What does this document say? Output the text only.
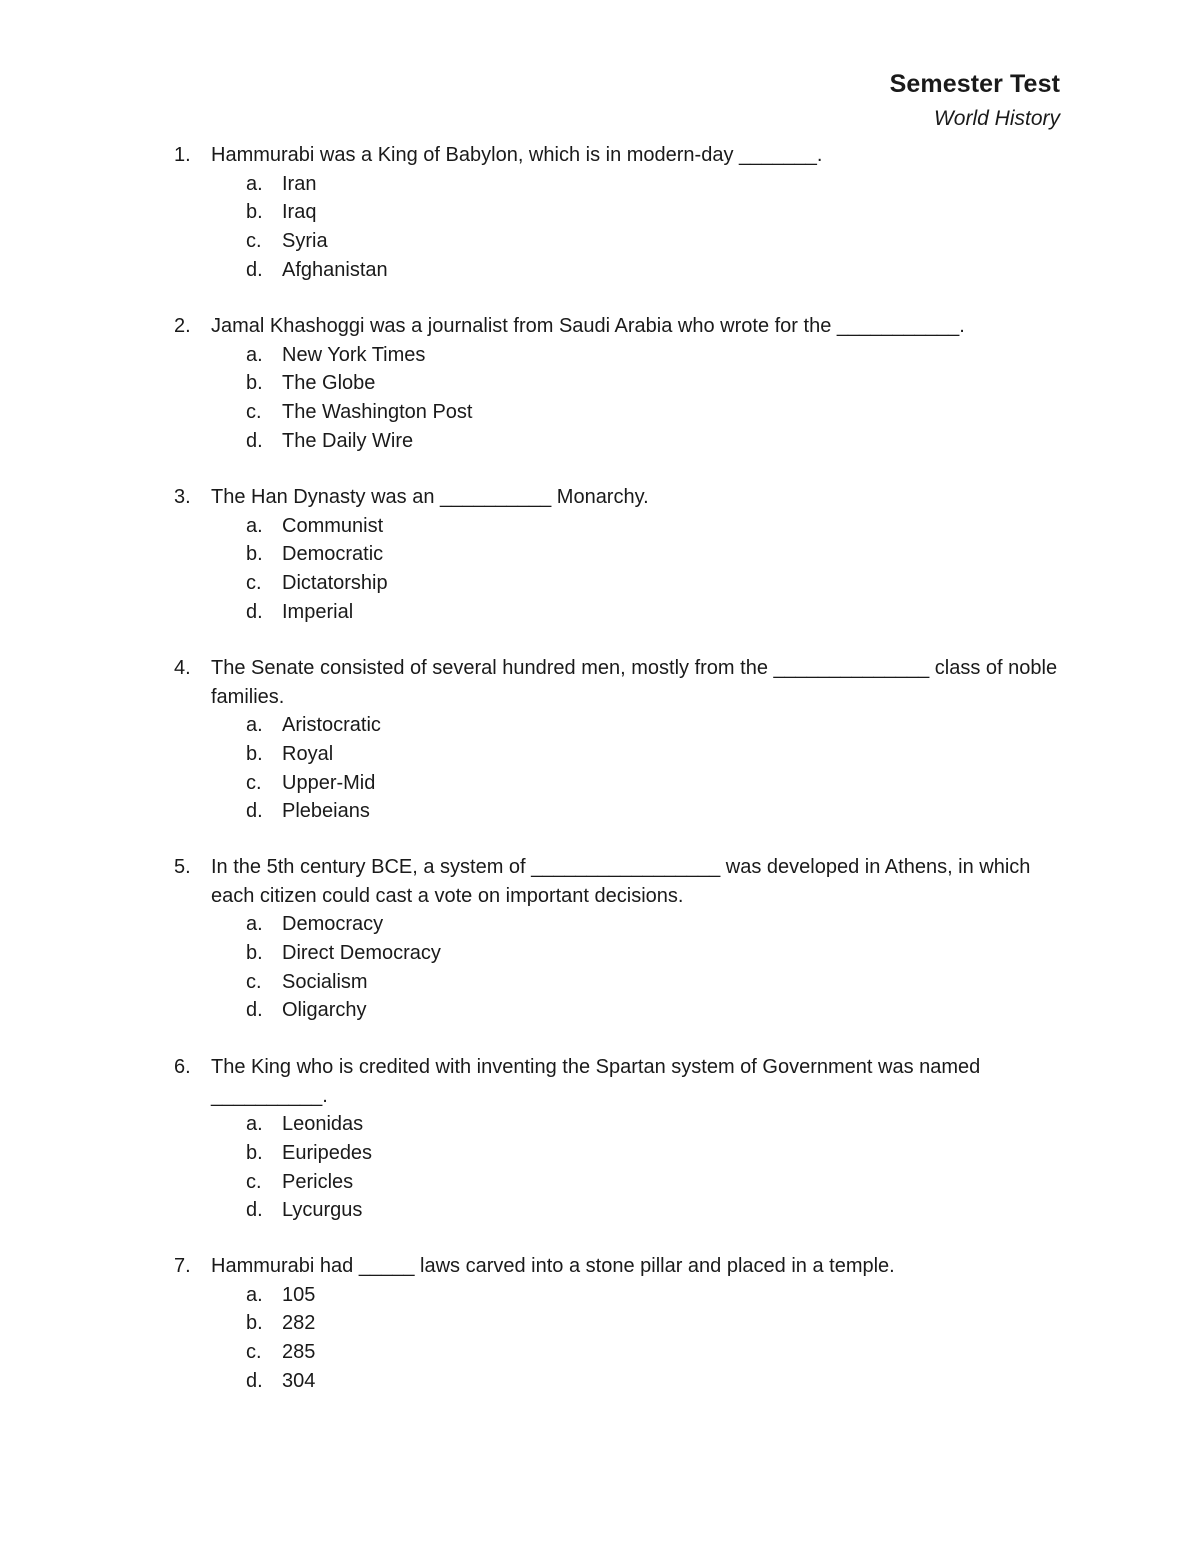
Semester Test
World History
1. Hammurabi was a King of Babylon, which is in modern-day _______.
a. Iran
b. Iraq
c. Syria
d. Afghanistan
2. Jamal Khashoggi was a journalist from Saudi Arabia who wrote for the ___________.
a. New York Times
b. The Globe
c. The Washington Post
d. The Daily Wire
3. The Han Dynasty was an __________ Monarchy.
a. Communist
b. Democratic
c. Dictatorship
d. Imperial
4. The Senate consisted of several hundred men, mostly from the ______________ class of noble families.
a. Aristocratic
b. Royal
c. Upper-Mid
d. Plebeians
5. In the 5th century BCE, a system of _________________ was developed in Athens, in which each citizen could cast a vote on important decisions.
a. Democracy
b. Direct Democracy
c. Socialism
d. Oligarchy
6. The King who is credited with inventing the Spartan system of Government was named __________.
a. Leonidas
b. Euripedes
c. Pericles
d. Lycurgus
7. Hammurabi had _____ laws carved into a stone pillar and placed in a temple.
a. 105
b. 282
c. 285
d. 304
